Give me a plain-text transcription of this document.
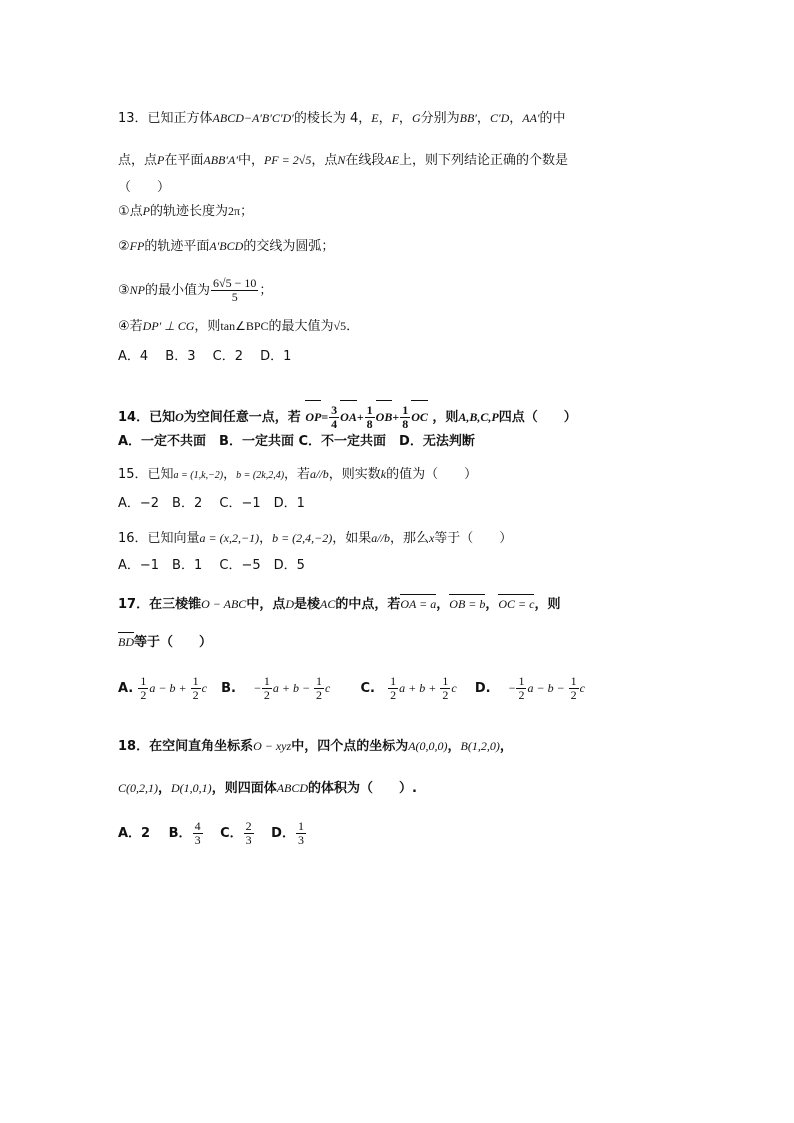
13．已知正方体ABCD−A′B′C′D′的棱长为 4，E，F，G分别为BB′，C′D，AA′的中
点，点P在平面ABB′A′中，PF = 2√5，点N在线段AE上，则下列结论正确的个数是
（　　）
①点P的轨迹长度为2π；
②FP的轨迹平面A′BCD的交线为圆弧；
③NP的最小值为 $\frac{6√5 - 10}{5}$ ；
④若DP′ ⊥ CG，则tan∠BPC的最大值为√5．
A．4　 B．3　 C．2　 D．1
14．已知O为空间任意一点，若 $OP= \frac{3}{4} OA+ \frac{1}{8} OB+ \frac{1}{8}$ OC ，则A,B,C,P四点（　　）
A．一定不共面　B．一定共面 C．不一定共面　D．无法判断
15．已知a = (1,k,−2)，b = (2k,2,4)，若a//b，则实数k的值为（　　）
A．−2　B．2　 C．−1　D．1
16．已知向量a = (x,2,−1)，b = (2,4,−2)，如果a//b，那么x等于（　　）
A．−1　B．1　 C．−5　D．5
17．在三棱锥O − ABC中，点D是棱AC的中点，若OA = a，OB = b，OC = c，则
BD等于（　　）
A. $\frac{1}{2}$ $a - b + \frac{1}{2}$ c B. − $\frac{1}{2}$ $a + b - \frac{1}{2}$ c C. $\frac{1}{2}$ $a + b + \frac{1}{2}$ c D. − $\frac{1}{2}$ $a - b - \frac{1}{2}$ c
18．在空间直角坐标系O − xyz中，四个点的坐标为A(0,0,0)，B(1,2,0)，
C(0,2,1)，D(1,0,1)，则四面体ABCD的体积为（　　）.
A．2 B． $\frac{4}{3}$ C． $\frac{2}{3}$ D． $\frac{1}{3}$
